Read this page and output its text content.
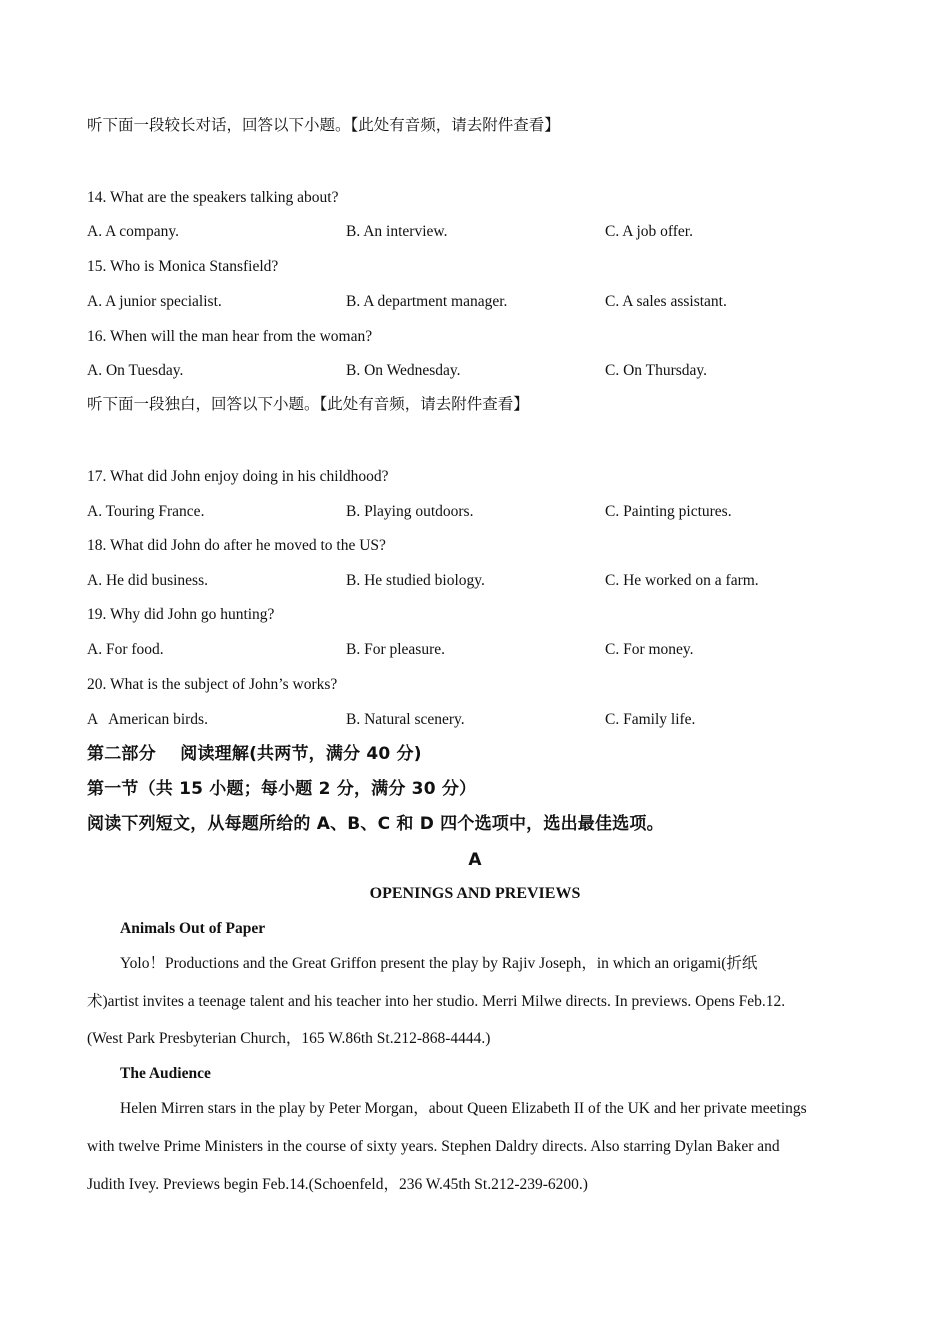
听下面一段较长对话，回答以下小题。【此处有音频，请去附件查看】
14. What are the speakers talking about?
A. A company.	B. An interview.	C. A job offer.
15. Who is Monica Stansfield?
A. A junior specialist.	B. A department manager.	C. A sales assistant.
16. When will the man hear from the woman?
A. On Tuesday.	B. On Wednesday.	C. On Thursday.
听下面一段独白，回答以下小题。【此处有音频，请去附件查看】
17. What did John enjoy doing in his childhood?
A. Touring France.	B. Playing outdoors.	C. Painting pictures.
18. What did John do after he moved to the US?
A. He did business.	B. He studied biology.	C. He worked on a farm.
19. Why did John go hunting?
A. For food.	B. For pleasure.	C. For money.
20. What is the subject of John’s works?
A   American birds.	B. Natural scenery.	C. Family life.
第二部分    阅读理解(共两节，满分 40 分)
第一节（共 15 小题；每小题 2 分，满分 30 分）
阅读下列短文，从每题所给的 A、B、C 和 D 四个选项中，选出最佳选项。
A
OPENINGS AND PREVIEWS
Animals Out of Paper
Yolo！Productions and the Great Griffon present the play by Rajiv Joseph，in which an origami(折纸
术)artist invites a teenage talent and his teacher into her studio. Merri Milwe directs. In previews. Opens Feb.12.
(West Park Presbyterian Church，165 W.86th St.212-868-4444.)
The Audience
Helen Mirren stars in the play by Peter Morgan，about Queen Elizabeth II of the UK and her private meetings
with twelve Prime Ministers in the course of sixty years. Stephen Daldry directs. Also starring Dylan Baker and
Judith Ivey. Previews begin Feb.14.(Schoenfeld，236 W.45th St.212-239-6200.)
